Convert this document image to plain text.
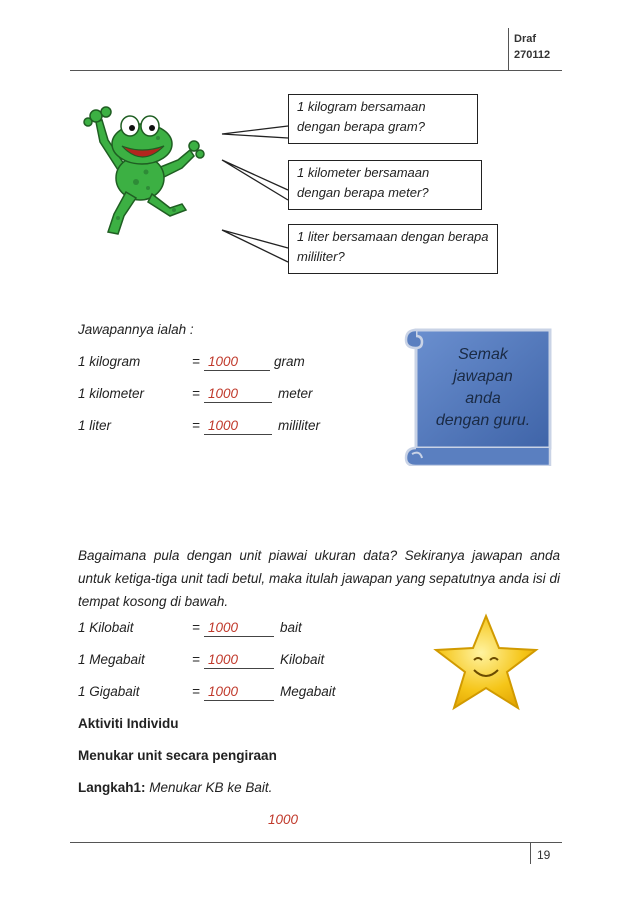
Draf
270112
1 kilogram bersamaan dengan berapa gram?
1 kilometer bersamaan dengan berapa meter?
1 liter bersamaan dengan berapa mililiter?
Jawapannya ialah :
1 kilogram	= 1000	gram
1 kilometer	= 1000	meter
1 liter	= 1000	mililiter
Semak
jawapan
anda
dengan guru.
Bagaimana pula dengan unit piawai ukuran data? Sekiranya jawapan anda untuk ketiga-tiga unit tadi betul, maka itulah jawapan yang sepatutnya anda isi di tempat kosong di bawah.
1 Kilobait	= 1000	bait
1 Megabait	= 1000	Kilobait
1 Gigabait	= 1000	Megabait
Aktiviti Individu
Menukar unit secara pengiraan
Langkah1: Menukar KB ke Bait.
1000
19
